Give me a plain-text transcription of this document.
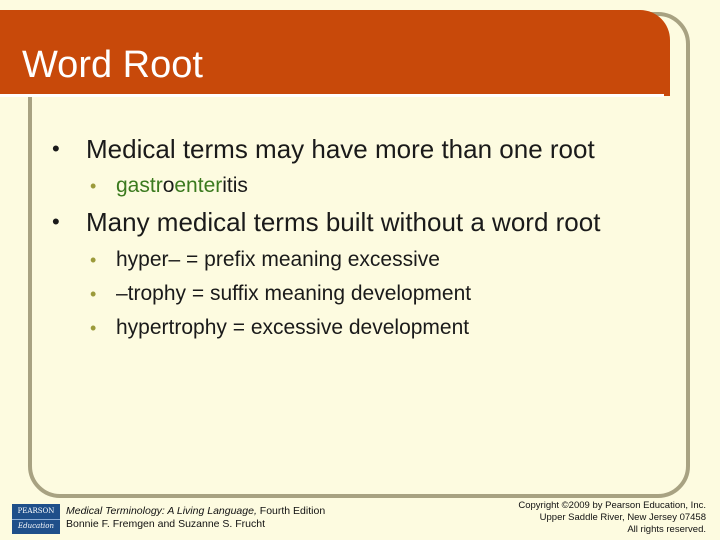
Word Root
• Medical terms may have more than one root
• gastroenteritis
• Many medical terms built without a word root
• hyper– = prefix meaning excessive
• –trophy = suffix meaning development
• hypertrophy = excessive development
PEARSON
Education
Medical Terminology: A Living Language, Fourth Edition
Bonnie F. Fremgen and Suzanne S. Frucht
Copyright ©2009 by Pearson Education, Inc.
Upper Saddle River, New Jersey 07458
All rights reserved.
